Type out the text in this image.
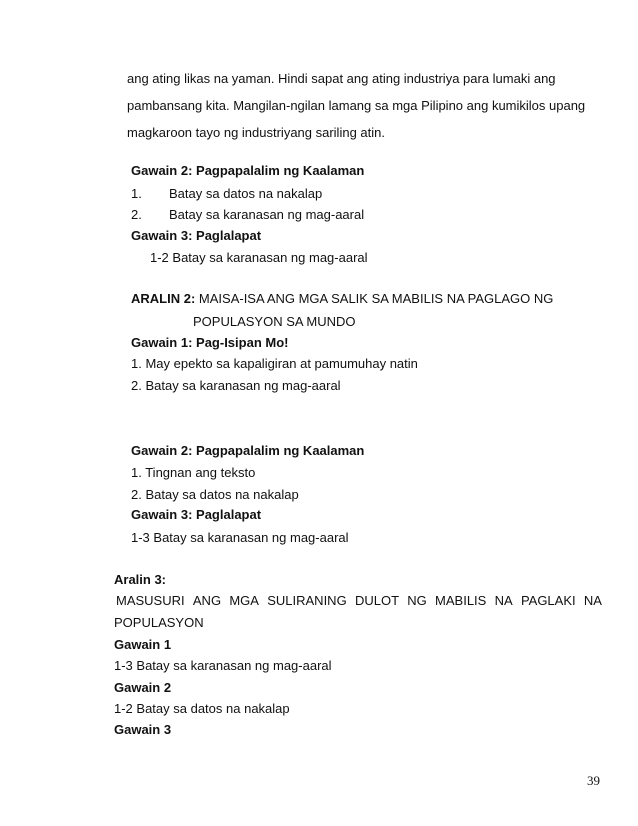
ang ating likas na yaman. Hindi sapat ang ating industriya para lumaki ang
pambansang kita. Mangilan-ngilan lamang sa mga Pilipino ang kumikilos upang
magkaroon tayo ng industriyang sariling atin.
Gawain 2: Pagpapalalim ng Kaalaman
1. Batay sa datos na nakalap
2. Batay sa karanasan ng mag-aaral
Gawain 3: Paglalapat
1-2 Batay sa karanasan ng mag-aaral
ARALIN 2: MAISA-ISA ANG MGA SALIK SA MABILIS NA PAGLAGO NG
POPULASYON SA MUNDO
Gawain 1: Pag-Isipan Mo!
1. May epekto sa kapaligiran at pamumuhay natin
2. Batay sa karanasan ng mag-aaral
Gawain 2: Pagpapalalim ng Kaalaman
1. Tingnan ang teksto
2. Batay sa datos na nakalap
Gawain 3: Paglalapat
1-3 Batay sa karanasan ng mag-aaral
Aralin 3:
MASUSURI ANG MGA SULIRANING DULOT NG MABILIS NA PAGLAKI NA
POPULASYON
Gawain 1
1-3 Batay sa karanasan ng mag-aaral
Gawain 2
1-2 Batay sa datos na nakalap
Gawain 3
39
